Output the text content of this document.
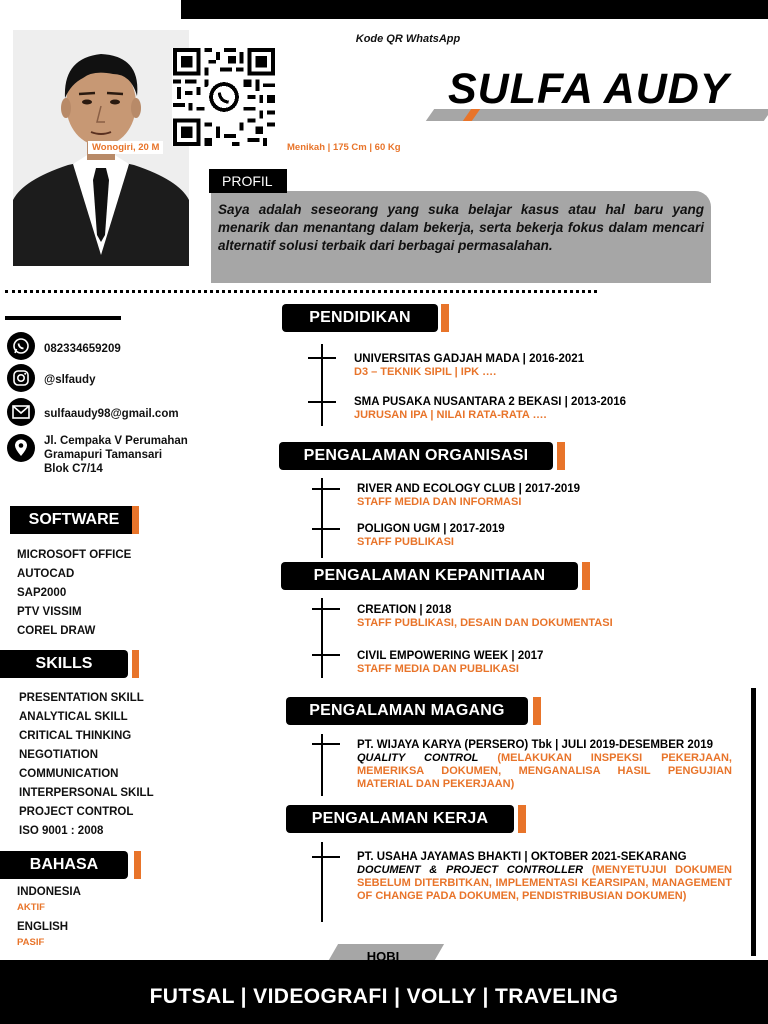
Kode QR WhatsApp
Wonogiri, 20 M	Menikah | 175 Cm | 60 Kg
SULFA AUDY

Saya adalah seseorang yang suka belajar kasus atau hal baru yang menarik dan menantang dalam bekerja, serta bekerja fokus dalam mencari alternatif solusi terbaik dari berbagai permasalahan.

PROFIL
082334659209
@slfaudy
sulfaaudy98@gmail.com
Jl. Cempaka V Perumahan
Gramapuri Tamansari
Blok C7/14
SOFTWARE
MICROSOFT OFFICE
AUTOCAD
SAP2000
PTV VISSIM
COREL DRAW
SKILLS
PRESENTATION SKILL
ANALYTICAL SKILL
CRITICAL THINKING
NEGOTIATION
COMMUNICATION
INTERPERSONAL SKILL
PROJECT CONTROL
ISO 9001 : 2008
BAHASA
INDONESIA
AKTIF
ENGLISH
PASIF
PENDIDIKAN
UNIVERSITAS GADJAH MADA | 2016-2021
D3 – TEKNIK SIPIL | IPK ….
SMA PUSAKA NUSANTARA 2 BEKASI | 2013-2016
JURUSAN IPA | NILAI RATA-RATA ….
PENGALAMAN ORGANISASI
RIVER AND ECOLOGY CLUB | 2017-2019
STAFF MEDIA DAN INFORMASI
POLIGON UGM | 2017-2019
STAFF PUBLIKASI
PENGALAMAN KEPANITIAAN
CREATION | 2018
STAFF PUBLIKASI, DESAIN DAN DOKUMENTASI
CIVIL EMPOWERING WEEK | 2017
STAFF MEDIA DAN PUBLIKASI
PENGALAMAN MAGANG
PT. WIJAYA KARYA (PERSERO) Tbk | JULI 2019-DESEMBER 2019
QUALITY CONTROL (MELAKUKAN INSPEKSI PEKERJAAN, MEMERIKSA DOKUMEN, MENGANALISA HASIL PENGUJIAN MATERIAL DAN PEKERJAAN)
PENGALAMAN KERJA
PT. USAHA JAYAMAS BHAKTI | OKTOBER 2021-SEKARANG
DOCUMENT & PROJECT CONTROLLER (MENYETUJUI DOKUMEN SEBELUM DITERBITKAN, IMPLEMENTASI KEARSIPAN, MANAGEMENT OF CHANGE PADA DOKUMEN, PENDISTRIBUSIAN DOKUMEN)
HOBI
FUTSAL | VIDEOGRAFI | VOLLY | TRAVELING
